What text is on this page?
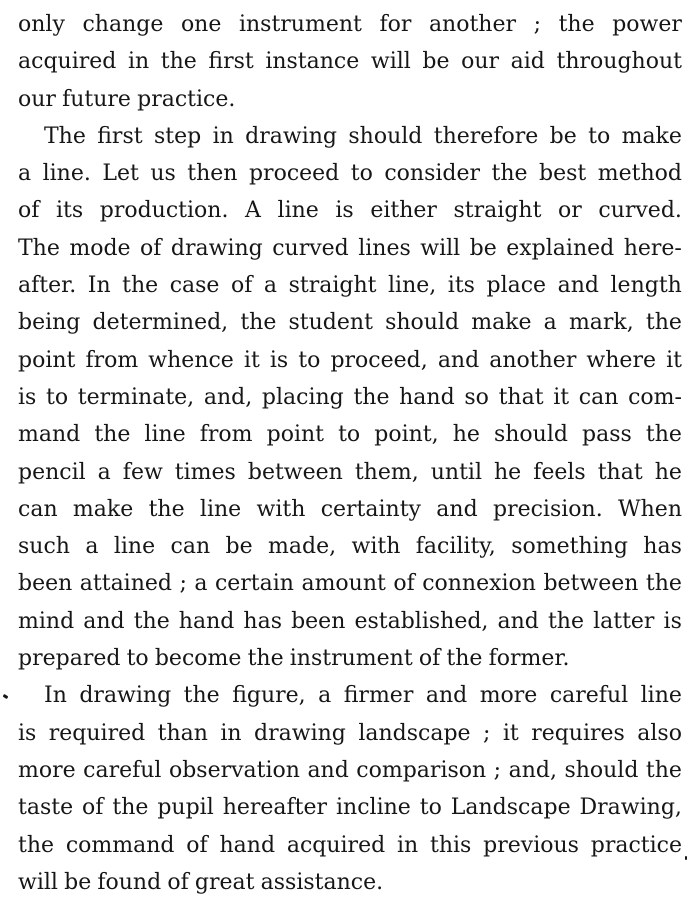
only change one instrument for another ; the power
acquired in the first instance will be our aid throughout
our future practice.
The first step in drawing should therefore be to make
a line. Let us then proceed to consider the best method
of its production. A line is either straight or curved.
The mode of drawing curved lines will be explained here-
after. In the case of a straight line, its place and length
being determined, the student should make a mark, the
point from whence it is to proceed, and another where it
is to terminate, and, placing the hand so that it can com-
mand the line from point to point, he should pass the
pencil a few times between them, until he feels that he
can make the line with certainty and precision. When
such a line can be made, with facility, something has
been attained ; a certain amount of connexion between the
mind and the hand has been established, and the latter is
prepared to become the instrument of the former.
In drawing the figure, a firmer and more careful line
is required than in drawing landscape ; it requires also
more careful observation and comparison ; and, should the
taste of the pupil hereafter incline to Landscape Drawing,
the command of hand acquired in this previous practice
will be found of great assistance.
